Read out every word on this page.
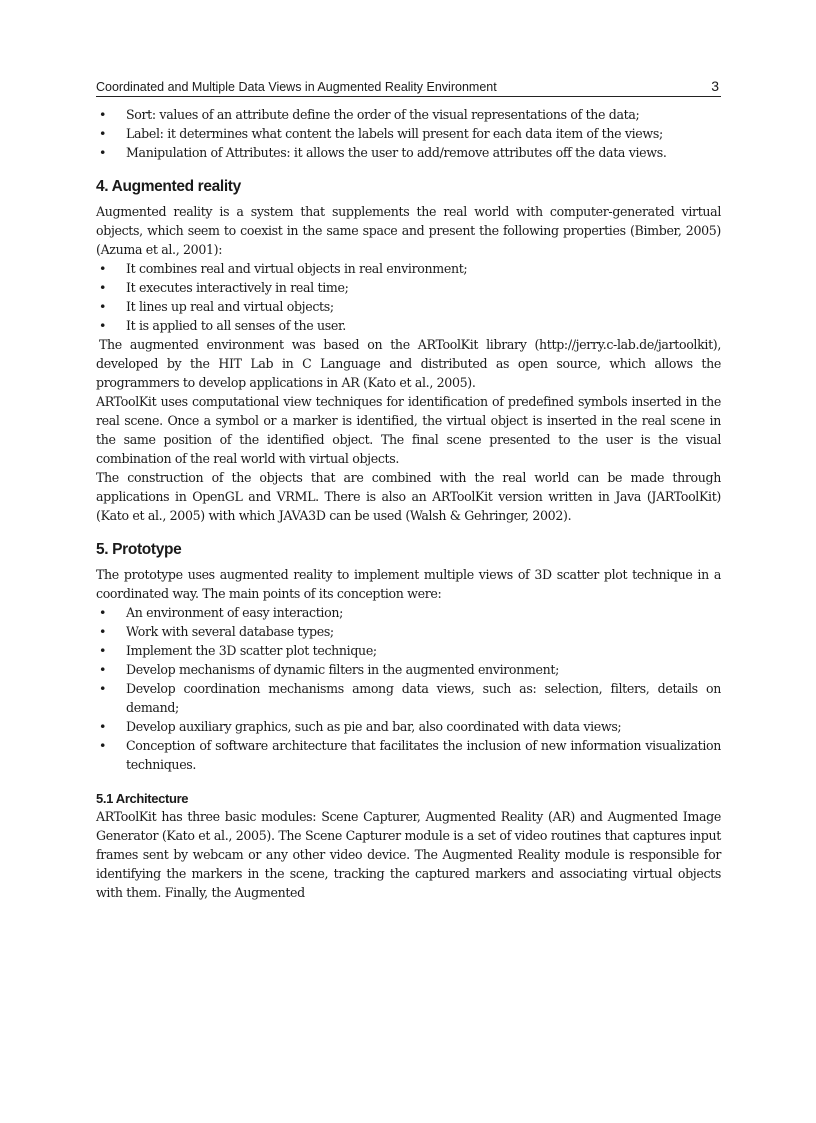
Coordinated and Multiple Data Views in Augmented Reality Environment	3
• Sort: values of an attribute define the order of the visual representations of the data;
• Label: it determines what content the labels will present for each data item of the views;
• Manipulation of Attributes: it allows the user to add/remove attributes off the data views.
4. Augmented reality

Augmented reality is a system that supplements the real world with computer-generated virtual objects, which seem to coexist in the same space and present the following properties (Bimber, 2005)(Azuma et al., 2001):

• It combines real and virtual objects in real environment;
• It executes interactively in real time;
• It lines up real and virtual objects;
• It is applied to all senses of the user.

The augmented environment was based on the ARToolKit library (http://jerry.c-lab.de/jartoolkit), developed by the HIT Lab in C Language and distributed as open source, which allows the programmers to develop applications in AR (Kato et al., 2005).

ARToolKit uses computational view techniques for identification of predefined symbols inserted in the real scene. Once a symbol or a marker is identified, the virtual object is inserted in the real scene in the same position of the identified object. The final scene presented to the user is the visual combination of the real world with virtual objects.

The construction of the objects that are combined with the real world can be made through applications in OpenGL and VRML. There is also an ARToolKit version written in Java (JARToolKit) (Kato et al., 2005) with which JAVA3D can be used (Walsh & Gehringer, 2002).

5. Prototype

The prototype uses augmented reality to implement multiple views of 3D scatter plot technique in a coordinated way. The main points of its conception were:

• An environment of easy interaction;
• Work with several database types;
• Implement the 3D scatter plot technique;
• Develop mechanisms of dynamic filters in the augmented environment;
• Develop coordination mechanisms among data views, such as: selection, filters, details on demand;
• Develop auxiliary graphics, such as pie and bar, also coordinated with data views;
• Conception of software architecture that facilitates the inclusion of new information visualization techniques.
5.1 Architecture

ARToolKit has three basic modules: Scene Capturer, Augmented Reality (AR) and Augmented Image Generator (Kato et al., 2005). The Scene Capturer module is a set of video routines that captures input frames sent by webcam or any other video device. The Augmented Reality module is responsible for identifying the markers in the scene, tracking the captured markers and associating virtual objects with them. Finally, the Augmented
